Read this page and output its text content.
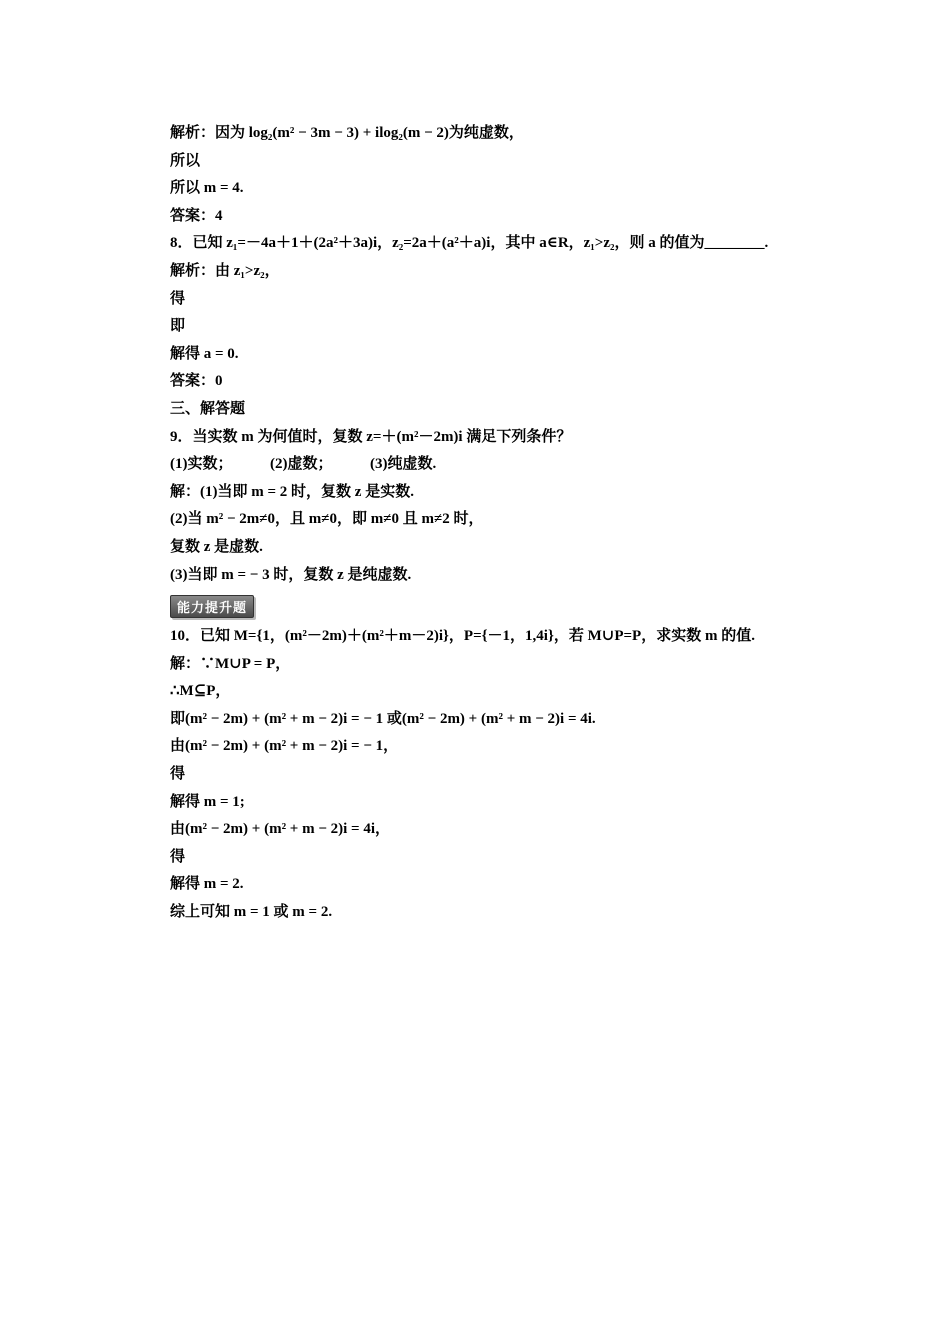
解析：因为 log₂(m² − 3m − 3) + ilog₂(m − 2)为纯虚数，
所以
所以 m = 4.
答案：4
8．已知 z₁=－4a＋1＋(2a²＋3a)i，z₂=2a＋(a²＋a)i，其中 a∈R，z₁>z₂，则 a 的值为________.
解析：由 z₁>z₂，
得
即
解得 a = 0.
答案：0
三、解答题
9．当实数 m 为何值时，复数 z=＋(m²－2m)i 满足下列条件？
(1)实数；          (2)虚数；          (3)纯虚数.
解：(1)当即 m = 2 时，复数 z 是实数.
(2)当 m² − 2m≠0，且 m≠0，即 m≠0 且 m≠2 时，
复数 z 是虚数.
(3)当即 m = − 3 时，复数 z 是纯虚数.
能力提升题
10．已知 M={1，(m²－2m)＋(m²＋m－2)i}，P={－1，1,4i}，若 M∪P=P，求实数 m 的值.
解：∵M∪P = P，
∴M⊆P，
即(m² − 2m) + (m² + m − 2)i = − 1 或(m² − 2m) + (m² + m − 2)i = 4i.
由(m² − 2m) + (m² + m − 2)i = − 1，
得
解得 m = 1;
由(m² − 2m) + (m² + m − 2)i = 4i，
得
解得 m = 2.
综上可知 m = 1 或 m = 2.
